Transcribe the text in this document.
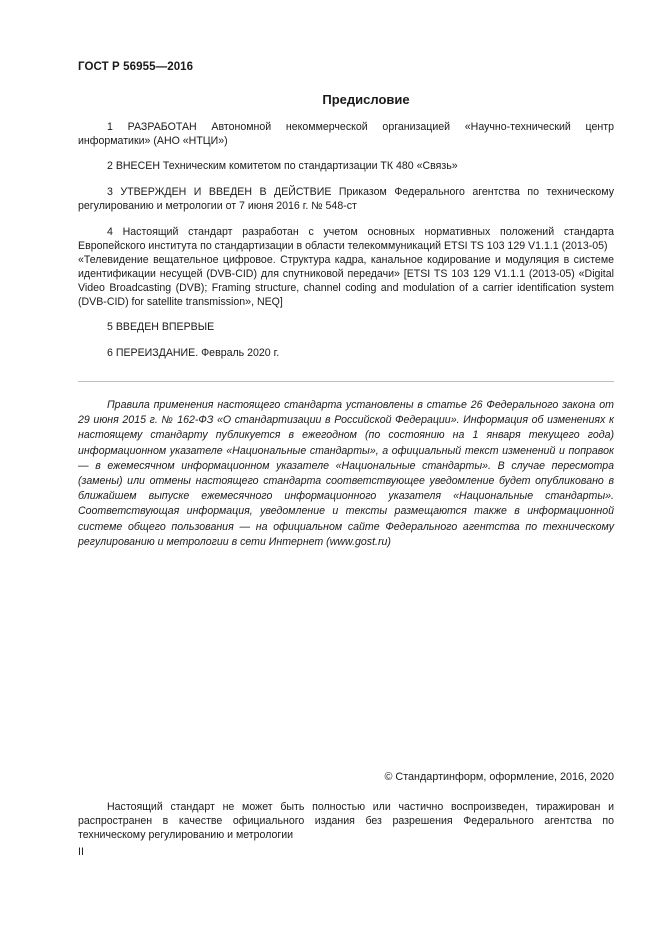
ГОСТ Р 56955—2016
Предисловие

1 РАЗРАБОТАН Автономной некоммерческой организацией «Научно-технический центр информатики» (АНО «НТЦИ»)

2 ВНЕСЕН Техническим комитетом по стандартизации ТК 480 «Связь»

3 УТВЕРЖДЕН И ВВЕДЕН В ДЕЙСТВИЕ Приказом Федерального агентства по техническому регулированию и метрологии от 7 июня 2016 г. № 548-ст

4 Настоящий стандарт разработан с учетом основных нормативных положений стандарта Европейского института по стандартизации в области телекоммуникаций ETSI TS 103 129 V1.1.1 (2013-05)

«Телевидение вещательное цифровое. Структура кадра, канальное кодирование и модуляция в системе идентификации несущей (DVB-CID) для спутниковой передачи» [ETSI TS 103 129 V1.1.1 (2013-05) «Digital Video Broadcasting (DVB); Framing structure, channel coding and modulation of a carrier identification system (DVB-CID) for satellite transmission», NEQ]

5 ВВЕДЕН ВПЕРВЫЕ

6 ПЕРЕИЗДАНИЕ. Февраль 2020 г.

Правила применения настоящего стандарта установлены в статье 26 Федерального закона от 29 июня 2015 г. № 162-ФЗ «О стандартизации в Российской Федерации». Информация об изменениях к настоящему стандарту публикуется в ежегодном (по состоянию на 1 января текущего года) информационном указателе «Национальные стандарты», а официальный текст изменений и поправок — в ежемесячном информационном указателе «Национальные стандарты». В случае пересмотра (замены) или отмены настоящего стандарта соответствующее уведомление будет опубликовано в ближайшем выпуске ежемесячного информационного указателя «Национальные стандарты». Соответствующая информация, уведомление и тексты размещаются также в информационной системе общего пользования — на официальном сайте Федерального агентства по техническому регулированию и метрологии в сети Интернет (www.gost.ru)

© Стандартинформ, оформление, 2016, 2020

Настоящий стандарт не может быть полностью или частично воспроизведен, тиражирован и распространен в качестве официального издания без разрешения Федерального агентства по техническому регулированию и метрологии

II
